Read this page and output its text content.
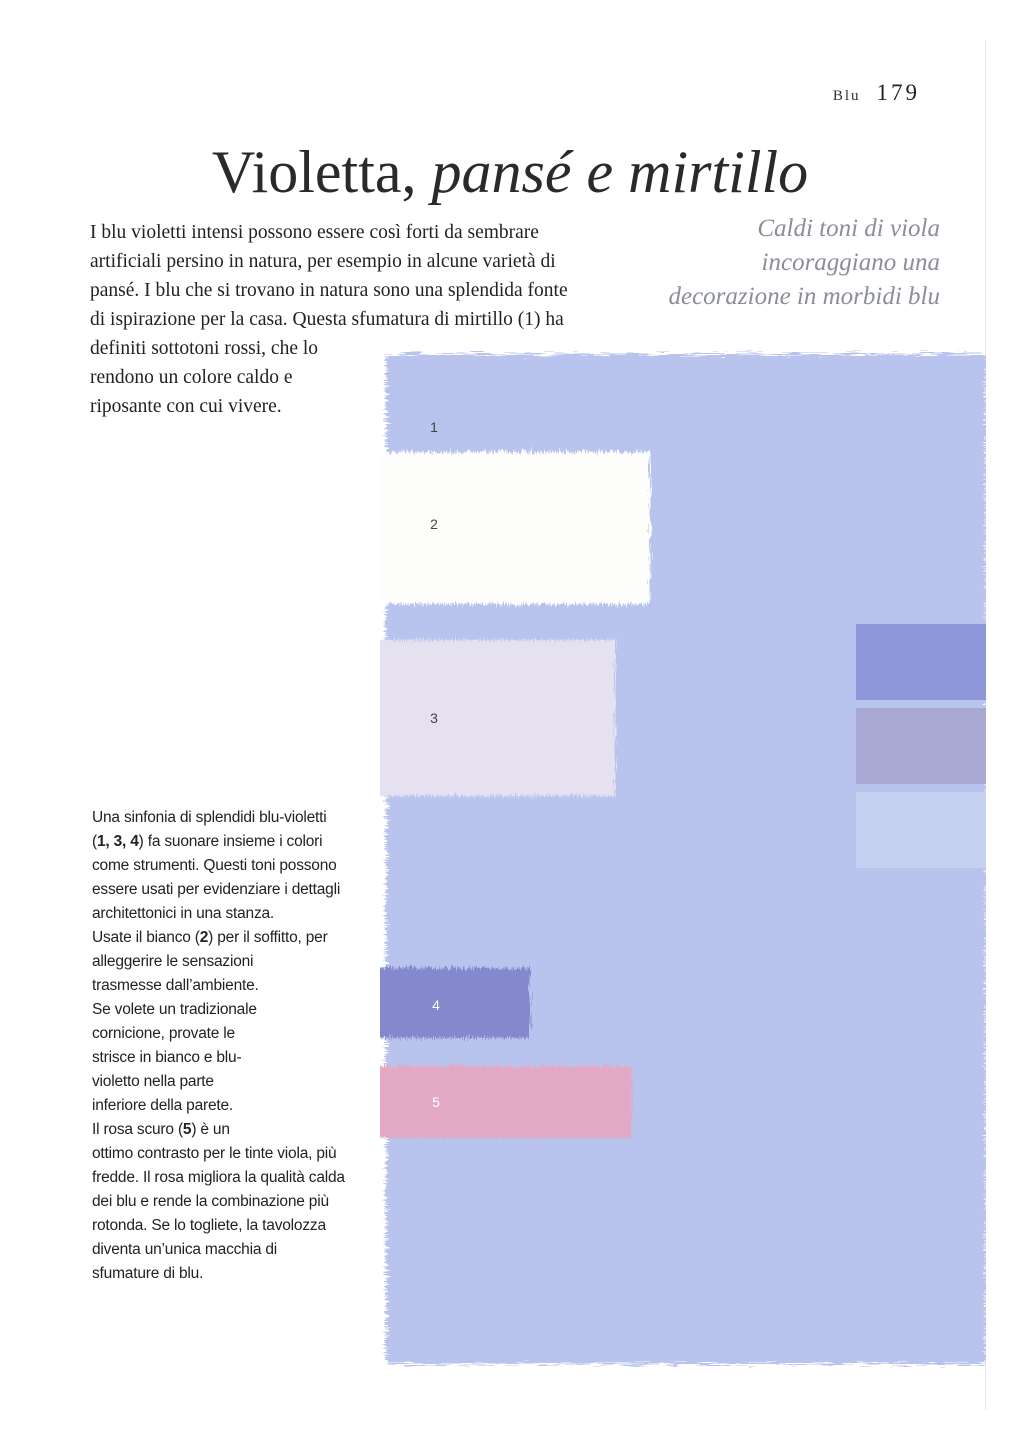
Blu 179
Violetta, pansé e mirtillo

I blu violetti intensi possono essere così forti da sembrare

artificiali persino in natura, per esempio in alcune varietà di

pansé. I blu che si trovano in natura sono una splendida fonte

di ispirazione per la casa. Questa sfumatura di mirtillo (1) ha

definiti sottotoni rossi, che lo

rendono un colore caldo e

riposante con cui vivere.

Caldi toni di viola
incoraggiano una
decorazione in morbidi blu
1
2
3
4
5
Una sinfonia di splendidi blu-violetti
(1, 3, 4) fa suonare insieme i colori
come strumenti. Questi toni possono
essere usati per evidenziare i dettagli
architettonici in una stanza.
Usate il bianco (2) per il soffitto, per
alleggerire le sensazioni
trasmesse dall’ambiente.
Se volete un tradizionale
cornicione, provate le
strisce in bianco e blu-
violetto nella parte
inferiore della parete.
Il rosa scuro (5) è un
ottimo contrasto per le tinte viola, più
fredde. Il rosa migliora la qualità calda
dei blu e rende la combinazione più
rotonda. Se lo togliete, la tavolozza
diventa un’unica macchia di
sfumature di blu.
